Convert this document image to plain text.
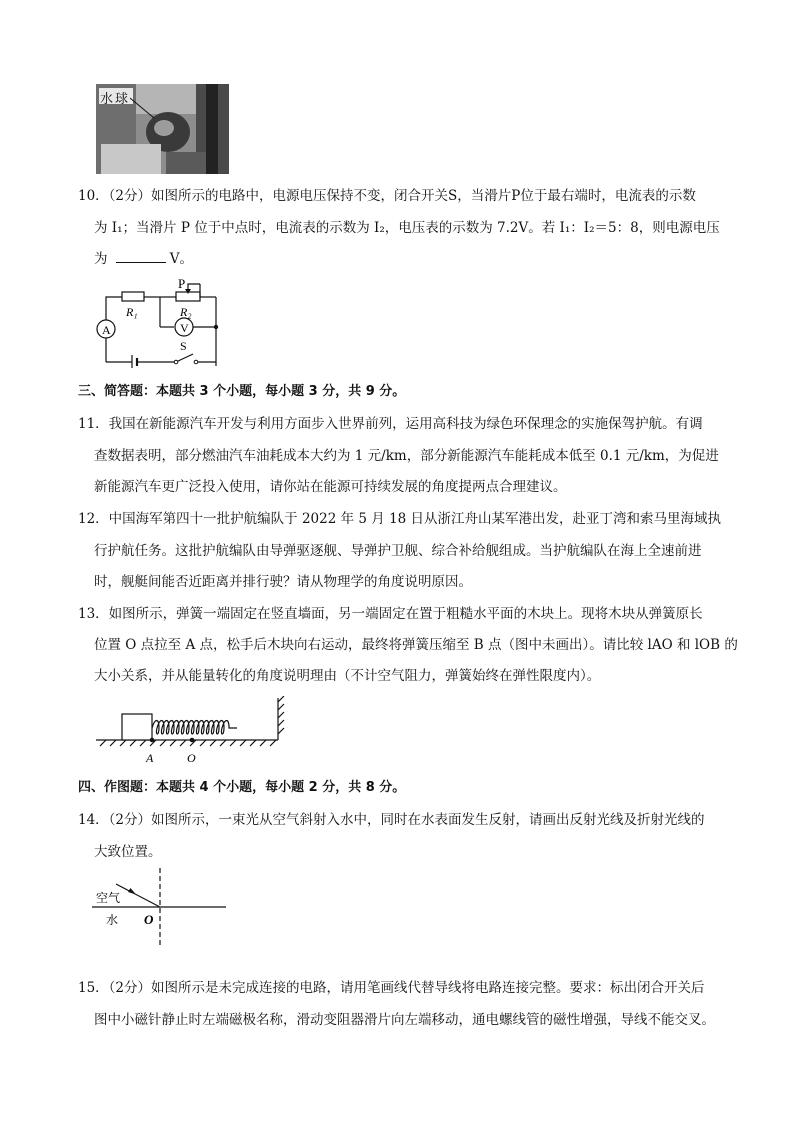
水球
10．（2分）如图所示的电路中，电源电压保持不变，闭合开关S，当滑片P位于最右端时，电流表的示数
为 I₁；当滑片 P 位于中点时，电流表的示数为 I₂，电压表的示数为 7.2V。若 I₁：I₂＝5：8，则电源电压
为	V。
P
R₁	R₂
A	V
S
三、简答题：本题共 3 个小题，每小题 3 分，共 9 分。
11．我国在新能源汽车开发与利用方面步入世界前列，运用高科技为绿色环保理念的实施保驾护航。有调
查数据表明，部分燃油汽车油耗成本大约为 1 元/km，部分新能源汽车能耗成本低至 0.1 元/km，为促进
新能源汽车更广泛投入使用，请你站在能源可持续发展的角度提两点合理建议。
12．中国海军第四十一批护航编队于 2022 年 5 月 18 日从浙江舟山某军港出发，赴亚丁湾和索马里海域执
行护航任务。这批护航编队由导弹驱逐舰、导弹护卫舰、综合补给舰组成。当护航编队在海上全速前进
时，舰艇间能否近距离并排行驶？请从物理学的角度说明原因。
13．如图所示，弹簧一端固定在竖直墙面，另一端固定在置于粗糙水平面的木块上。现将木块从弹簧原长
位置 O 点拉至 A 点，松手后木块向右运动，最终将弹簧压缩至 B 点（图中未画出）。请比较 lAO 和 lOB 的
大小关系，并从能量转化的角度说明理由（不计空气阻力，弹簧始终在弹性限度内）。
A	O
四、作图题：本题共 4 个小题，每小题 2 分，共 8 分。
14．（2分）如图所示，一束光从空气斜射入水中，同时在水表面发生反射，请画出反射光线及折射光线的
大致位置。
空气
水 O
15．（2分）如图所示是未完成连接的电路，请用笔画线代替导线将电路连接完整。要求：标出闭合开关后
图中小磁针静止时左端磁极名称，滑动变阻器滑片向左端移动，通电螺线管的磁性增强，导线不能交叉。
